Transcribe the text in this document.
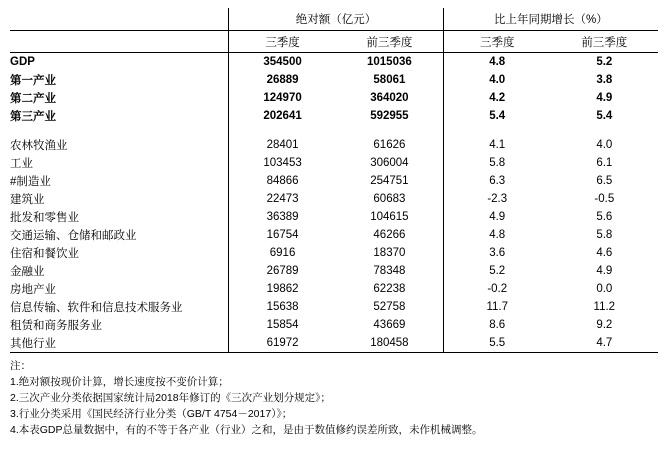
	绝对额（亿元）		比上年同期增长（%）	
	三季度	前三季度	三季度	前三季度
GDP	354500	1015036	4.8	5.2
第一产业	26889	58061	4.0	3.8
第二产业	124970	364020	4.2	4.9
第三产业	202641	592955	5.4	5.4

农林牧渔业	28401	61626	4.1	4.0
工业	103453	306004	5.8	6.1
#制造业	84866	254751	6.3	6.5
建筑业	22473	60683	-2.3	-0.5
批发和零售业	36389	104615	4.9	5.6
交通运输、仓储和邮政业	16754	46266	4.8	5.8
住宿和餐饮业	6916	18370	3.6	4.6
金融业	26789	78348	5.2	4.9
房地产业	19862	62238	-0.2	0.0
信息传输、软件和信息技术服务业	15638	52758	11.7	11.2
租赁和商务服务业	15854	43669	8.6	9.2
其他行业	61972	180458	5.5	4.7
注：
1.绝对额按现价计算，增长速度按不变价计算；
2.三次产业分类依据国家统计局2018年修订的《三次产业划分规定》；
3.行业分类采用《国民经济行业分类（GB/T 4754－2017）》；
4.本表GDP总量数据中，有的不等于各产业（行业）之和，是由于数值修约误差所致，未作机械调整。
